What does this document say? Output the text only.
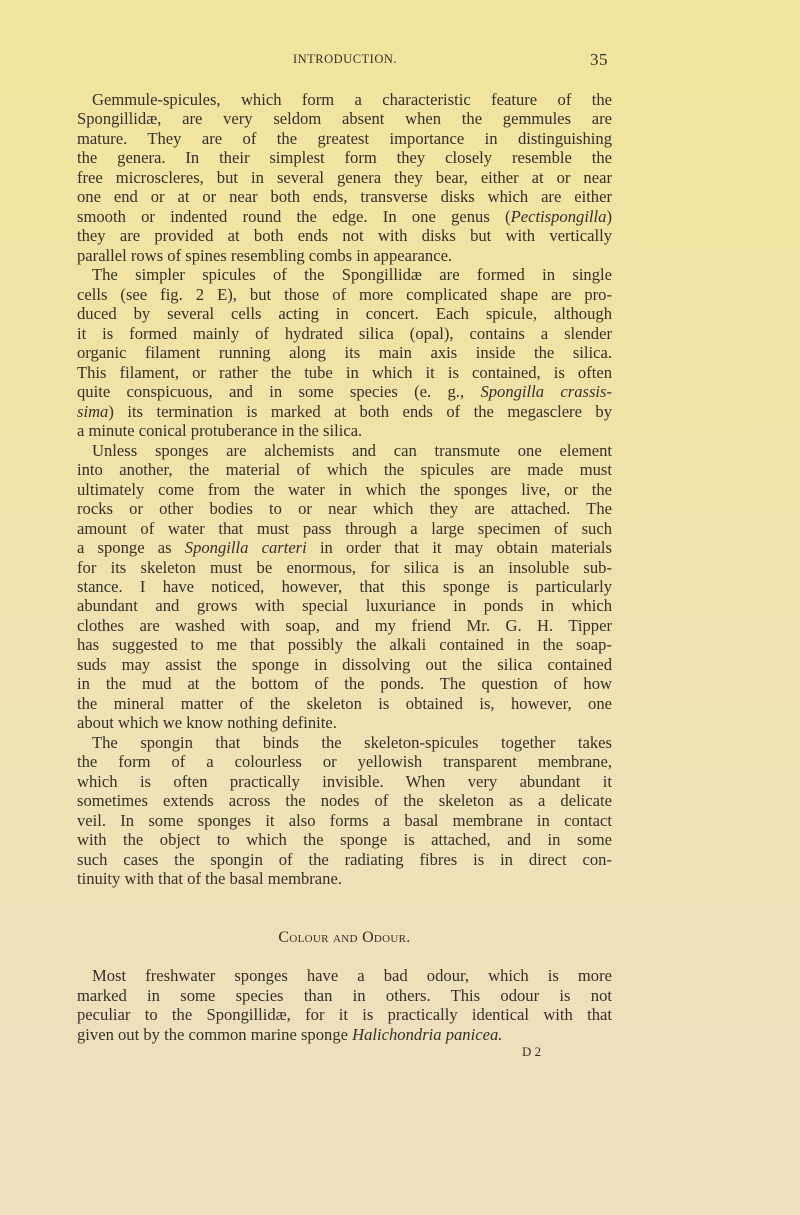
INTRODUCTION.	35
Gemmule-spicules, which form a characteristic feature of the
Spongillidæ, are very seldom absent when the gemmules are
mature. They are of the greatest importance in distinguishing
the genera. In their simplest form they closely resemble the
free microscleres, but in several genera they bear, either at or near
one end or at or near both ends, transverse disks which are either
smooth or indented round the edge. In one genus (Pectispongilla)
they are provided at both ends not with disks but with vertically
parallel rows of spines resembling combs in appearance.
The simpler spicules of the Spongillidæ are formed in single
cells (see fig. 2 E), but those of more complicated shape are pro-
duced by several cells acting in concert. Each spicule, although
it is formed mainly of hydrated silica (opal), contains a slender
organic filament running along its main axis inside the silica.
This filament, or rather the tube in which it is contained, is often
quite conspicuous, and in some species (e. g., Spongilla crassis-
sima) its termination is marked at both ends of the megasclere by
a minute conical protuberance in the silica.
Unless sponges are alchemists and can transmute one element
into another, the material of which the spicules are made must
ultimately come from the water in which the sponges live, or the
rocks or other bodies to or near which they are attached. The
amount of water that must pass through a large specimen of such
a sponge as Spongilla carteri in order that it may obtain materials
for its skeleton must be enormous, for silica is an insoluble sub-
stance. I have noticed, however, that this sponge is particularly
abundant and grows with special luxuriance in ponds in which
clothes are washed with soap, and my friend Mr. G. H. Tipper
has suggested to me that possibly the alkali contained in the soap-
suds may assist the sponge in dissolving out the silica contained
in the mud at the bottom of the ponds. The question of how
the mineral matter of the skeleton is obtained is, however, one
about which we know nothing definite.
The spongin that binds the skeleton-spicules together takes
the form of a colourless or yellowish transparent membrane,
which is often practically invisible. When very abundant it
sometimes extends across the nodes of the skeleton as a delicate
veil. In some sponges it also forms a basal membrane in contact
with the object to which the sponge is attached, and in some
such cases the spongin of the radiating fibres is in direct con-
tinuity with that of the basal membrane.
Colour and Odour.
Most freshwater sponges have a bad odour, which is more
marked in some species than in others. This odour is not
peculiar to the Spongillidæ, for it is practically identical with that
given out by the common marine sponge Halichondria panicea.
D 2
